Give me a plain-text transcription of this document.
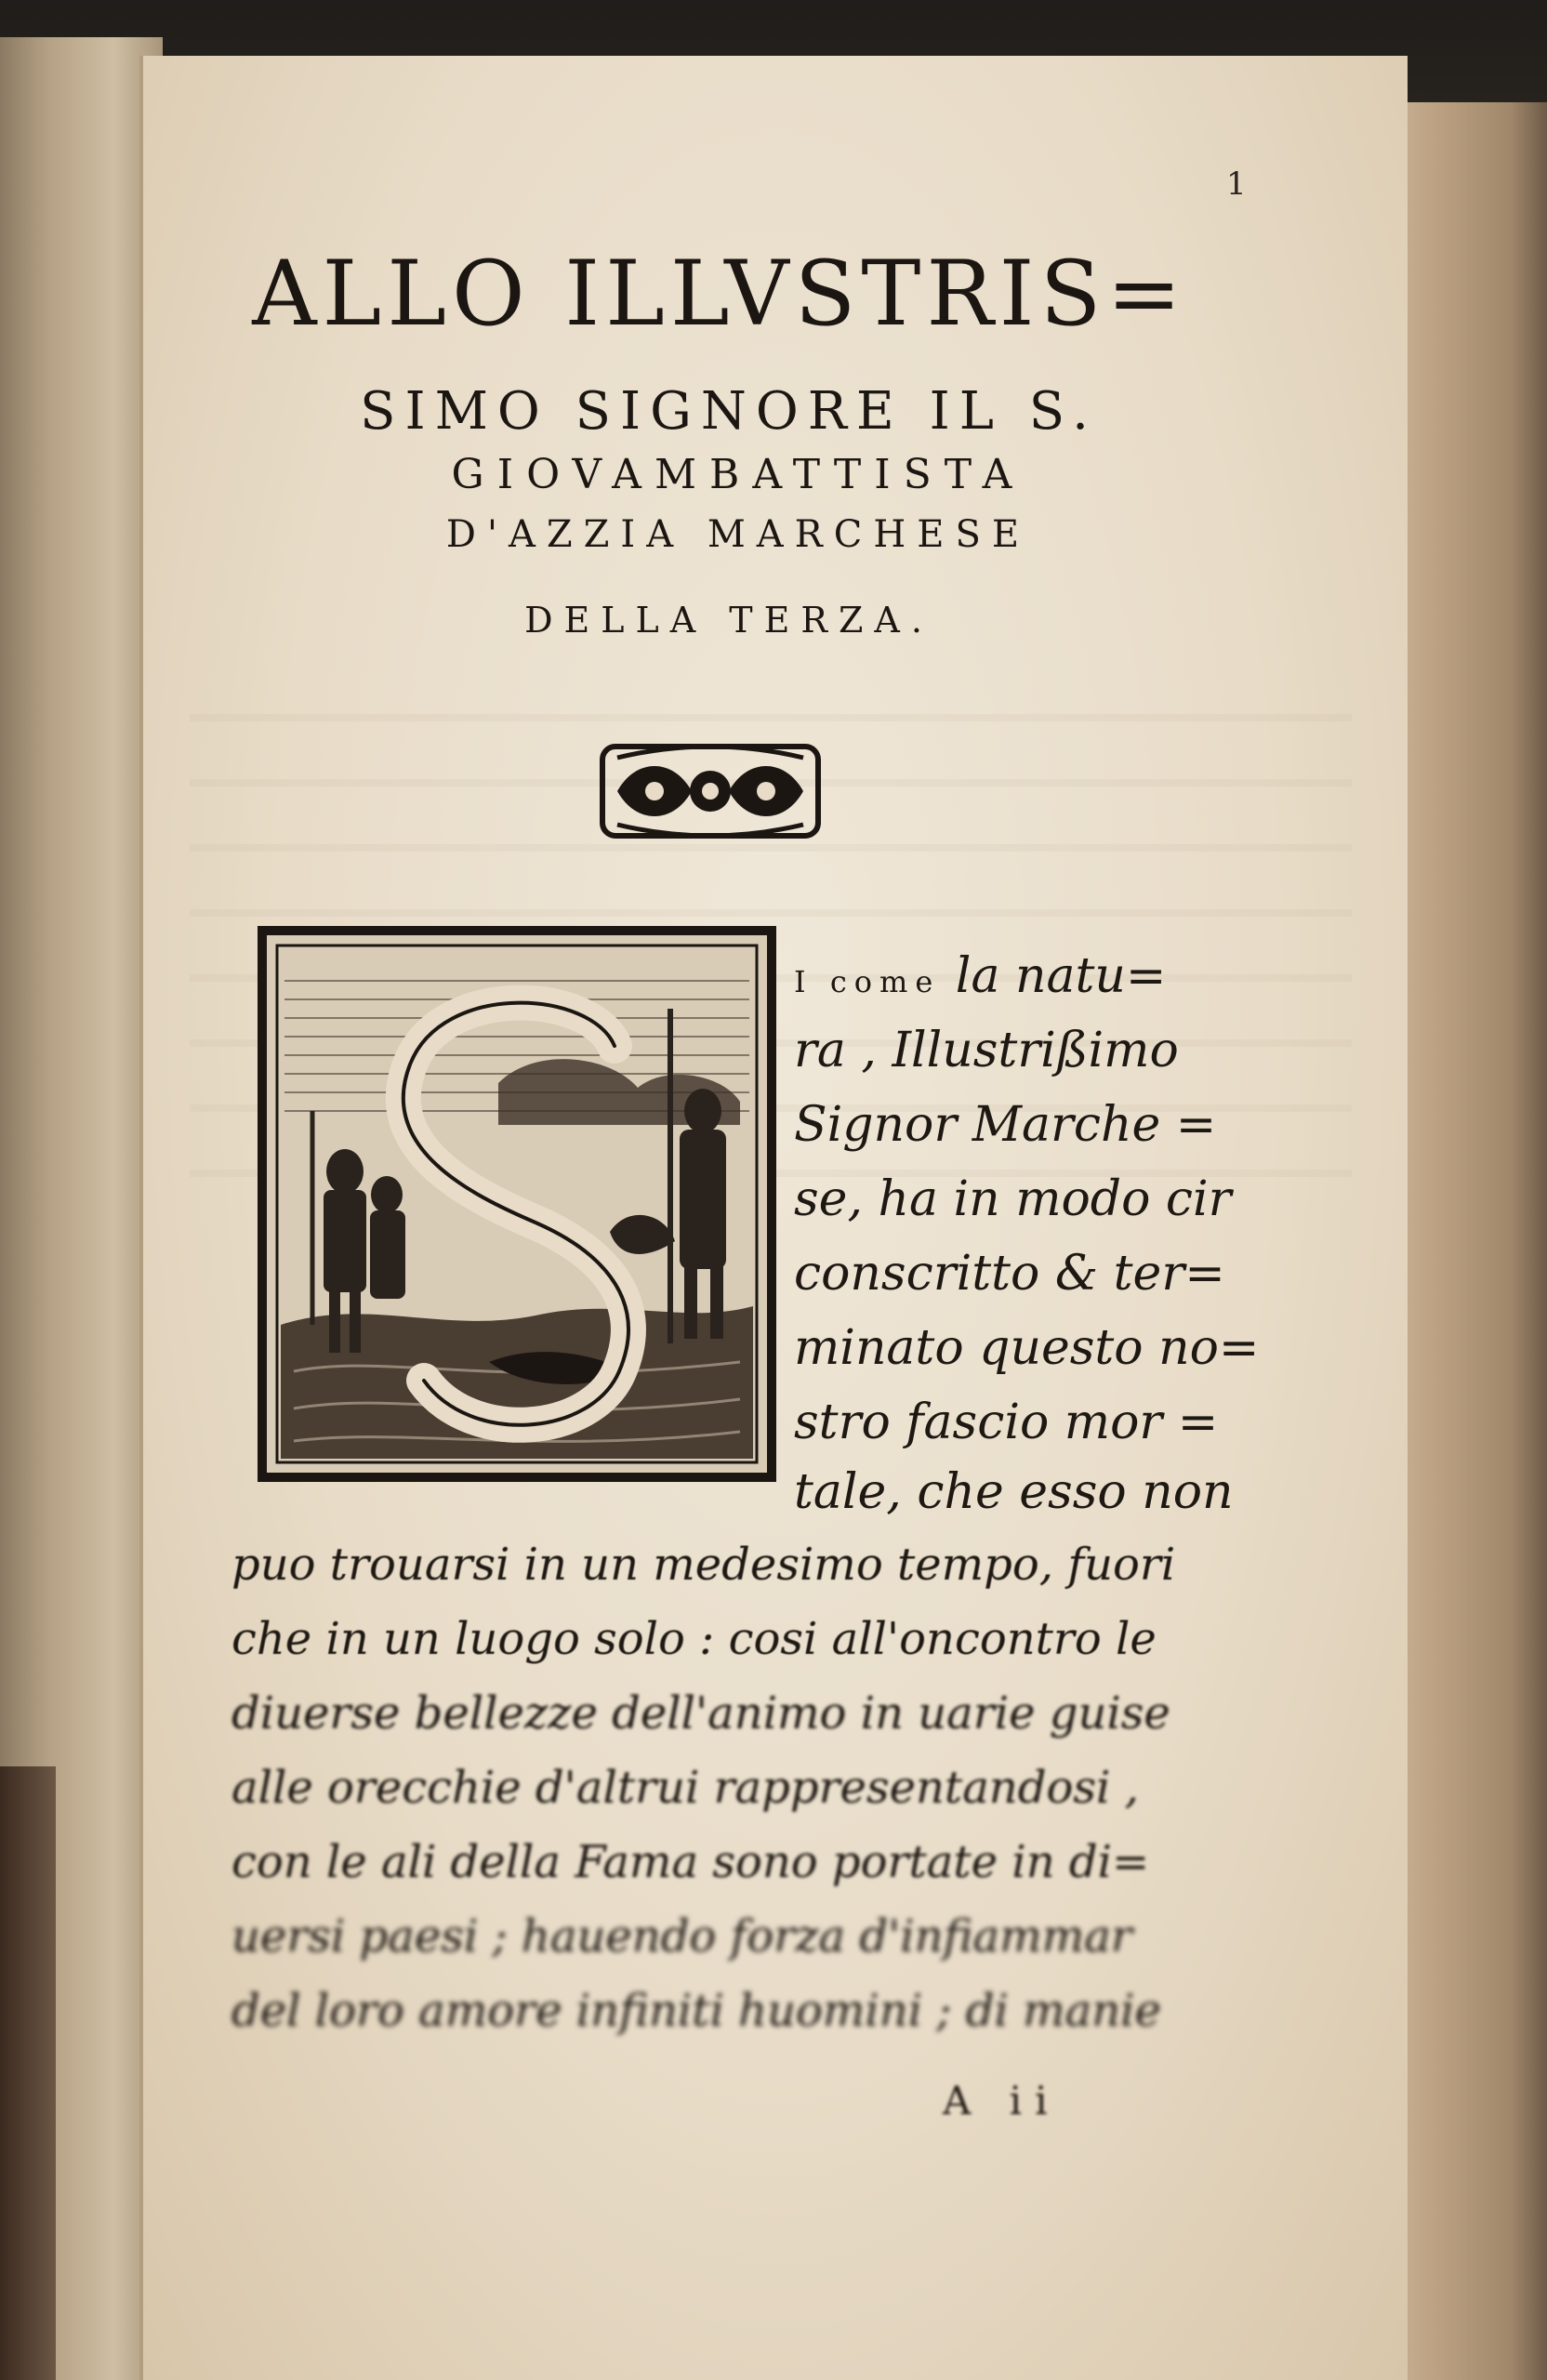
1
ALLO ILLVSTRIS=
SIMO SIGNORE IL S.
GIOVAMBATTISTA
D'AZZIA MARCHESE
DELLA TERZA.
I come la natu=
ra , Illustrißimo
Signor Marche =
se, ha in modo cir
conscritto & ter=
minato questo no=
stro fascio mor =
tale, che esso non
puo trouarsi in un medesimo tempo, fuori
che in un luogo solo : cosi all'oncontro le
diuerse bellezze dell'animo in uarie guise
alle orecchie d'altrui rappresentandosi ,
con le ali della Fama sono portate in di=
uersi paesi ; hauendo forza d'infiammar
del loro amore infiniti huomini ; di manie
A ii
